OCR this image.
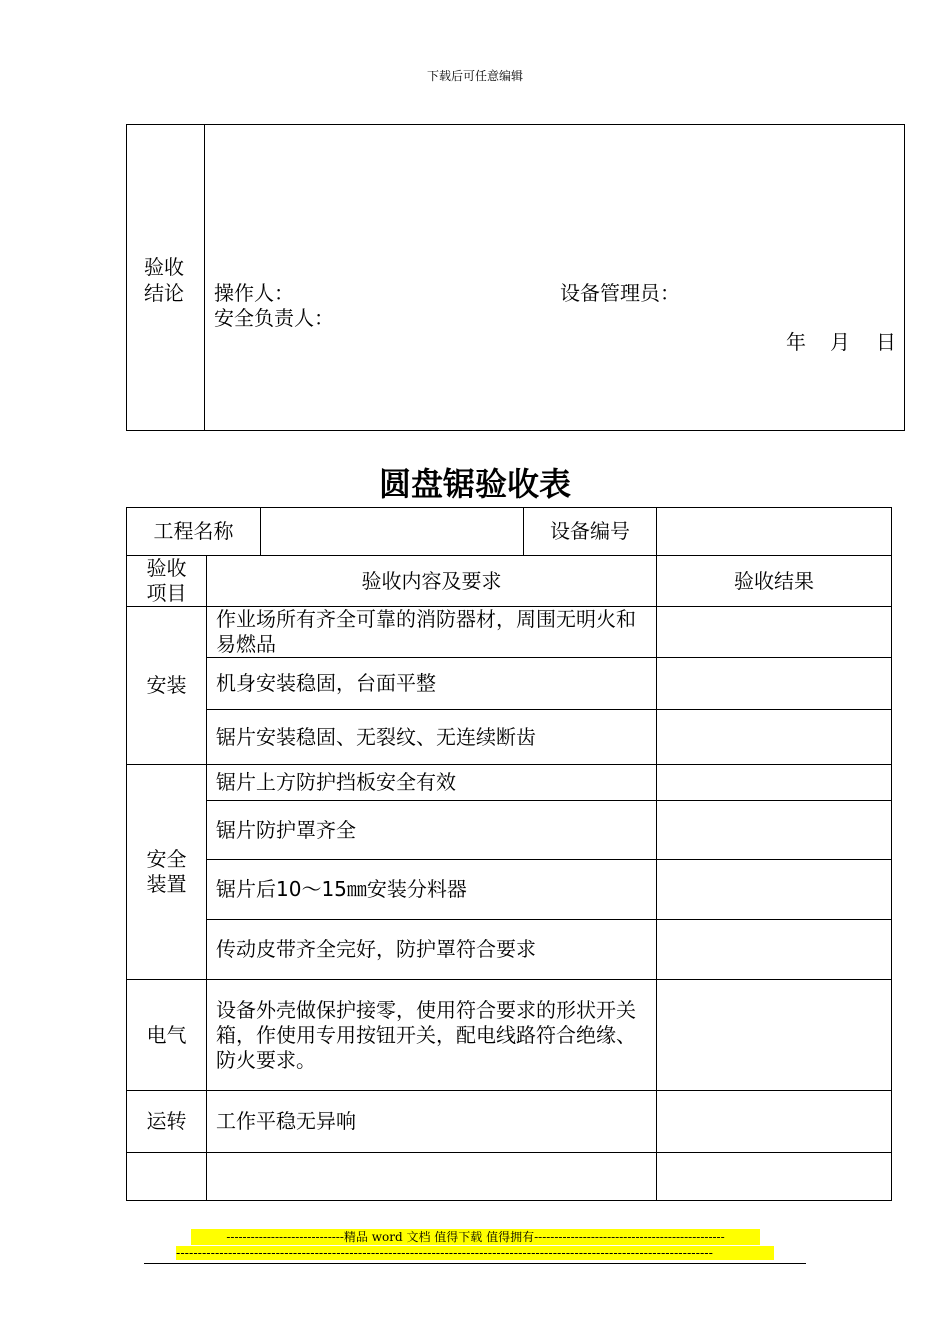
下载后可任意编辑
验收
结论	操作人：	设备管理员：
安全负责人：
年 月 日
圆盘锯验收表
工程名称			设备编号	

验收
项目	验收内容及要求			验收结果
安装	作业场所有齐全可靠的消防器材，周围无明火和易燃品			
	机身安装稳固，台面平整			
	锯片安装稳固、无裂纹、无连续断齿			

安全
装置	锯片上方防护挡板安全有效			
	锯片防护罩齐全			
	锯片后10～15㎜安装分料器			
	传动皮带齐全完好，防护罩符合要求			
电气	设备外壳做保护接零，使用符合要求的形状开关箱，作使用专用按钮开关，配电线路符合绝缘、防火要求。			
运转	工作平稳无异响			

-----------------------------精品 word 文档 值得下载 值得拥有-----------------------------------------------
----------------------------------------------------------------------------------------------------------------------------
